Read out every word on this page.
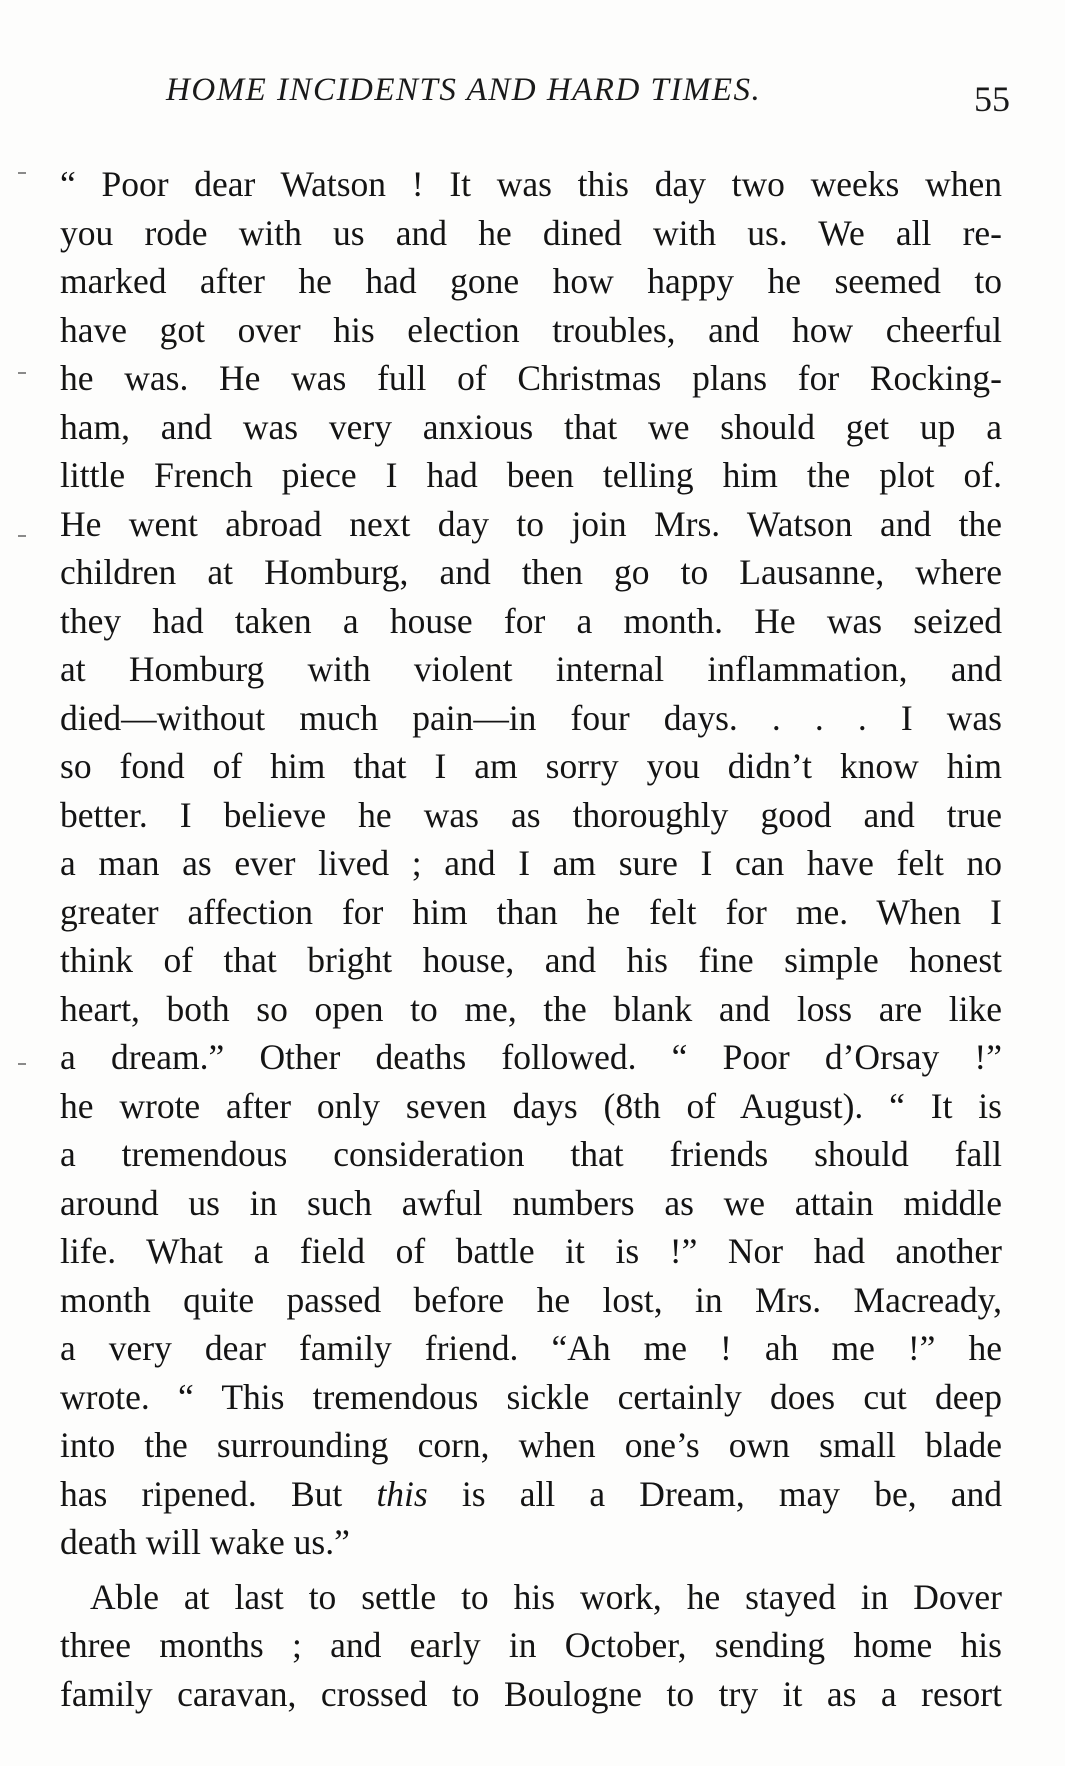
HOME INCIDENTS AND HARD TIMES.	55
“ Poor dear Watson ! It was this day two weeks when
you rode with us and he dined with us. We all re-
marked after he had gone how happy he seemed to
have got over his election troubles, and how cheerful
he was. He was full of Christmas plans for Rocking-
ham, and was very anxious that we should get up a
little French piece I had been telling him the plot of.
He went abroad next day to join Mrs. Watson and the
children at Homburg, and then go to Lausanne, where
they had taken a house for a month. He was seized
at Homburg with violent internal inflammation, and
died—without much pain—in four days. . . . I was
so fond of him that I am sorry you didn’t know him
better. I believe he was as thoroughly good and true
a man as ever lived ; and I am sure I can have felt no
greater affection for him than he felt for me. When I
think of that bright house, and his fine simple honest
heart, both so open to me, the blank and loss are like
a dream.” Other deaths followed. “ Poor d’Orsay !”
he wrote after only seven days (8th of August). “ It is
a tremendous consideration that friends should fall
around us in such awful numbers as we attain middle
life. What a field of battle it is !” Nor had another
month quite passed before he lost, in Mrs. Macready,
a very dear family friend. “Ah me ! ah me !” he
wrote. “ This tremendous sickle certainly does cut deep
into the surrounding corn, when one’s own small blade
has ripened. But this is all a Dream, may be, and
death will wake us.”
Able at last to settle to his work, he stayed in Dover
three months ; and early in October, sending home his
family caravan, crossed to Boulogne to try it as a resort
